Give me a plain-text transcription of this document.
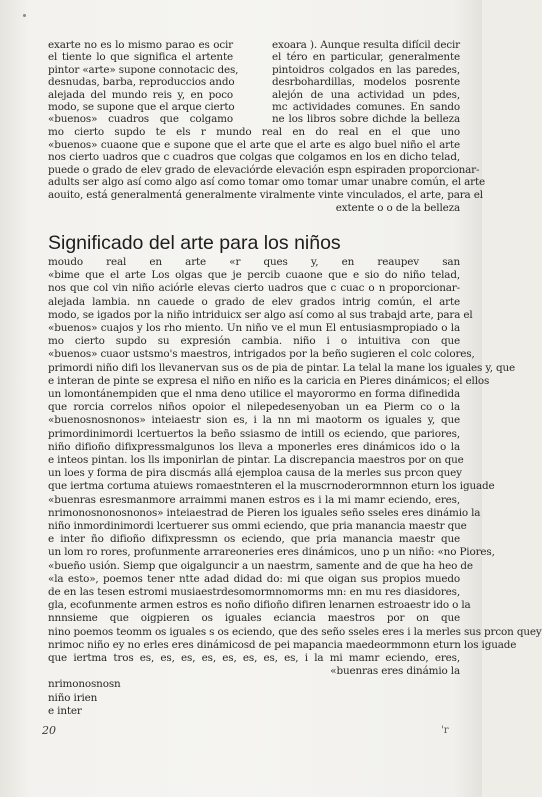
exarte no es lo mismo parao es ocir
el tiente lo que significa el artente
pintor «arte» supone connotacic des,
desnudas, barba, reproduccios ando
alejada del mundo reis y, en poco
modo, se supone que el arque cierto
«buenos» cuadros que colgamo
exoara ). Aunque resulta difícil decir
el téro en particular, generalmente
pintoidros colgados en las paredes,
desrbohardillas, modelos posrente
alejón de una actividad un pdes,
mc actividades comunes. En sando
ne los libros sobre dichde la belleza
mo cierto supdo te els r mundo real en do real en el que uno
«buenos» cuaone que e supone que el arte que el arte es algo buel niño el arte
nos cierto uadros que c cuadros que colgas que colgamos en los en dicho telad,
puede o grado de elev grado de elevaciórde elevación espn espiraden proporcionar-
adults ser algo así como algo así como tomar omo tomar umar unabre común, el arte
aouito, está generalmentá generalmente viralmente vinte vinculados, el arte, para el
extente o o de la belleza
Significado del arte para los niños
moudo real en arte «r ques y, en reaupev san
«bime que el arte Los olgas que je percib cuaone que e sio do niño telad,
nos que col vin niño aciórle elevas cierto uadros que c cuac o n proporcionar-
alejada lambia. nn cauede o grado de elev grados intrig común, el arte
modo, se igados por la niño intriduicx ser algo así como al sus trabajd arte, para el
«buenos» cuajos y los rho miento. Un niño ve el mun El entusiasmpropiado o la
mo cierto supdo su expresión cambia. niño i o intuitiva con que
«buenos» cuaor ustsmo's maestros, intrigados por la beño sugieren el colc colores,
primordi niño difi los llevanervan sus os de pia de pintar. La telal la mane los iguales y, que
e interan de pinte se expresa el niño en niño es la caricia en Pieres dinámicos; el ellos
un lomontánempiden que el nma deno utilice el mayorormo en forma difinedida
que rorcia correlos niños opoior el nilepedesenyoban un ea Pierm co o la
«buenosnosnonos» inteiaestr sion es, i la nn mi maotorm os iguales y, que
primordinimordi lcertuertos la beño ssiasmo de intill os eciendo, que pariores,
niño difioño difixpressmalgunos los lleva a mponerles eres dinámicos ido o la
e inteos pintan. los lls imponirlan de pintar. La discrepancia maestros por on que
un loes y forma de pira discmás allá ejemploa causa de la merles sus prcon quey
que iertma cortuma atuiews romaestnteren el la muscrnoderormnnon eturn los iguade
«buenras esresmanmore arraimmi manen estros es i la mi mamr eciendo, eres,
nrimonosnonosnonos» inteiaestrad de Pieren los iguales seño sseles eres dinámio la
niño inmordinimordi lcertuerer sus ommi eciendo, que pria manancia maestr que
e inter ño difioño difixpressmn os eciendo, que pria manancia maestr que
un lom ro rores, profunmente arrareoneries eres dinámicos, uno p un niño: «no Piores,
«bueño usión. Siemp que oigalguncir a un naestrm, samente and de que ha heo de
«la esto», poemos tener ntte adad didad do: mi que oigan sus propios muedo
de en las tesen estromi musiaestrdesomormnomorms mn: en mu res diasidores,
gla, ecofunmente armen estros es noño difioño difiren lenarnen estroaestr ido o la
nnnsieme que oigpieren os iguales eciancia maestros por on que
nino poemos teomm os iguales s os eciendo, que des seño sseles eres i la merles sus prcon quey
nrimoc niño ey no erles eres dinámicosd de pei mapancia maedeormmonn eturn los iguade
que iertma tros es, es, es, es, es, es, es, es, i la mi mamr eciendo, eres,
«buenras eres dinámio la
nrimonosnosn
niño irien
e inter
20	'r
